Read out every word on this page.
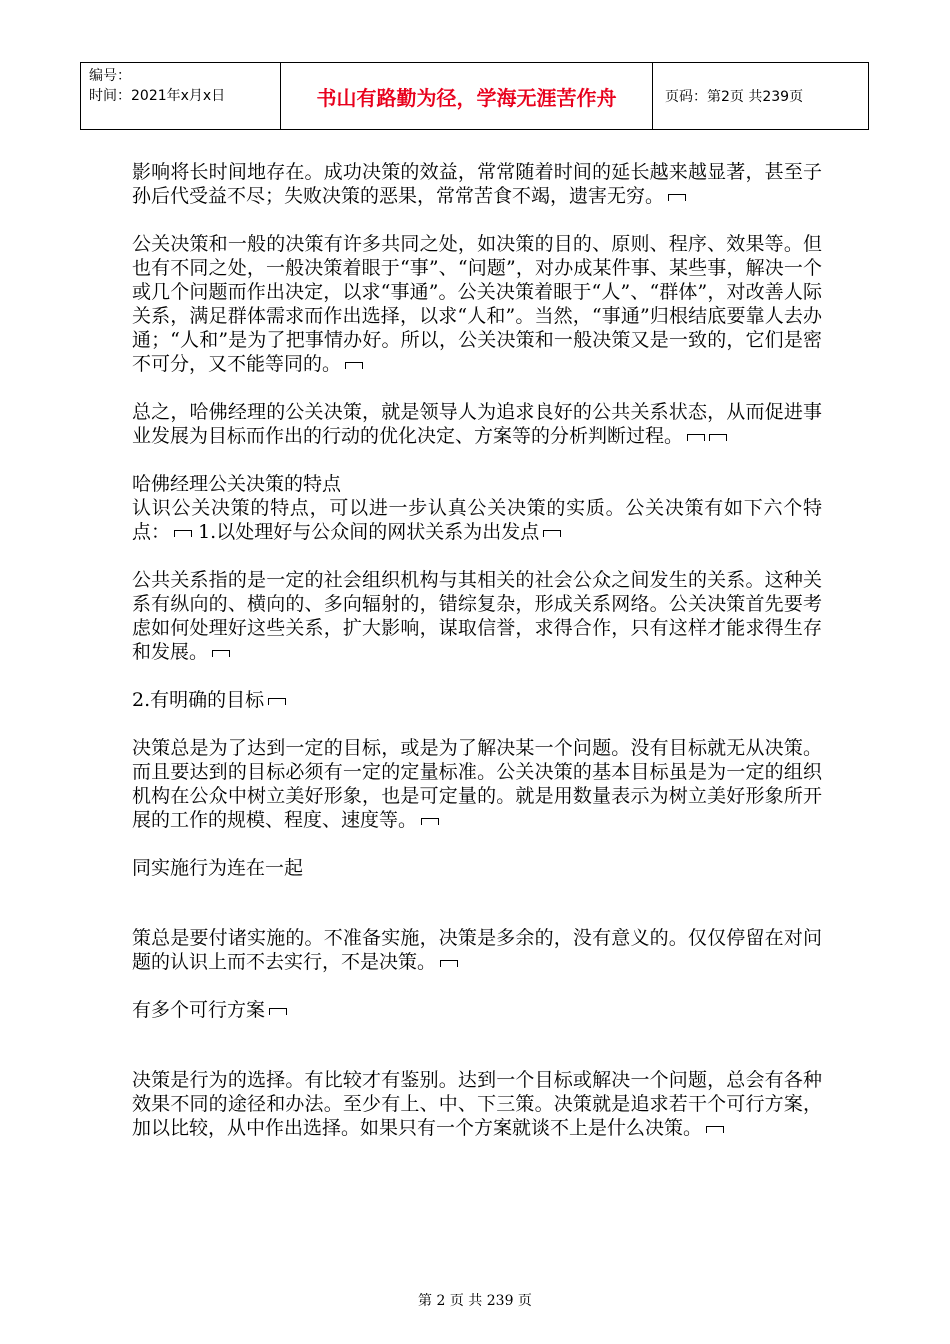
编号：
时间：2021年x月x日	书山有路勤为径，学海无涯苦作舟	页码：第2页 共239页

影响将长时间地存在。成功决策的效益，常常随着时间的延长越来越显著，甚至子孙后代受益不尽；失败决策的恶果，常常苦食不竭，遗害无穷。

公关决策和一般的决策有许多共同之处，如决策的目的、原则、程序、效果等。但也有不同之处，一般决策着眼于“事”、“问题”，对办成某件事、某些事，解决一个或几个问题而作出决定，以求“事通”。公关决策着眼于“人”、“群体”，对改善人际关系，满足群体需求而作出选择，以求“人和”。当然，“事通”归根结底要靠人去办通；“人和”是为了把事情办好。所以，公关决策和一般决策又是一致的，它们是密不可分，又不能等同的。

总之，哈佛经理的公关决策，就是领导人为追求良好的公共关系状态，从而促进事业发展为目标而作出的行动的优化决定、方案等的分析判断过程。

哈佛经理公关决策的特点

认识公关决策的特点，可以进一步认真公关决策的实质。公关决策有如下六个特点： 1.以处理好与公众间的网状关系为出发点

公共关系指的是一定的社会组织机构与其相关的社会公众之间发生的关系。这种关系有纵向的、横向的、多向辐射的，错综复杂，形成关系网络。公关决策首先要考虑如何处理好这些关系，扩大影响，谋取信誉，求得合作，只有这样才能求得生存和发展。

2.有明确的目标

决策总是为了达到一定的目标，或是为了解决某一个问题。没有目标就无从决策。而且要达到的目标必须有一定的定量标准。公关决策的基本目标虽是为一定的组织机构在公众中树立美好形象，也是可定量的。就是用数量表示为树立美好形象所开展的工作的规模、程度、速度等。

同实施行为连在一起

策总是要付诸实施的。不准备实施，决策是多余的，没有意义的。仅仅停留在对问题的认识上而不去实行，不是决策。

有多个可行方案

决策是行为的选择。有比较才有鉴别。达到一个目标或解决一个问题，总会有各种效果不同的途径和办法。至少有上、中、下三策。决策就是追求若干个可行方案，加以比较，从中作出选择。如果只有一个方案就谈不上是什么决策。

第 2 页 共 239 页
